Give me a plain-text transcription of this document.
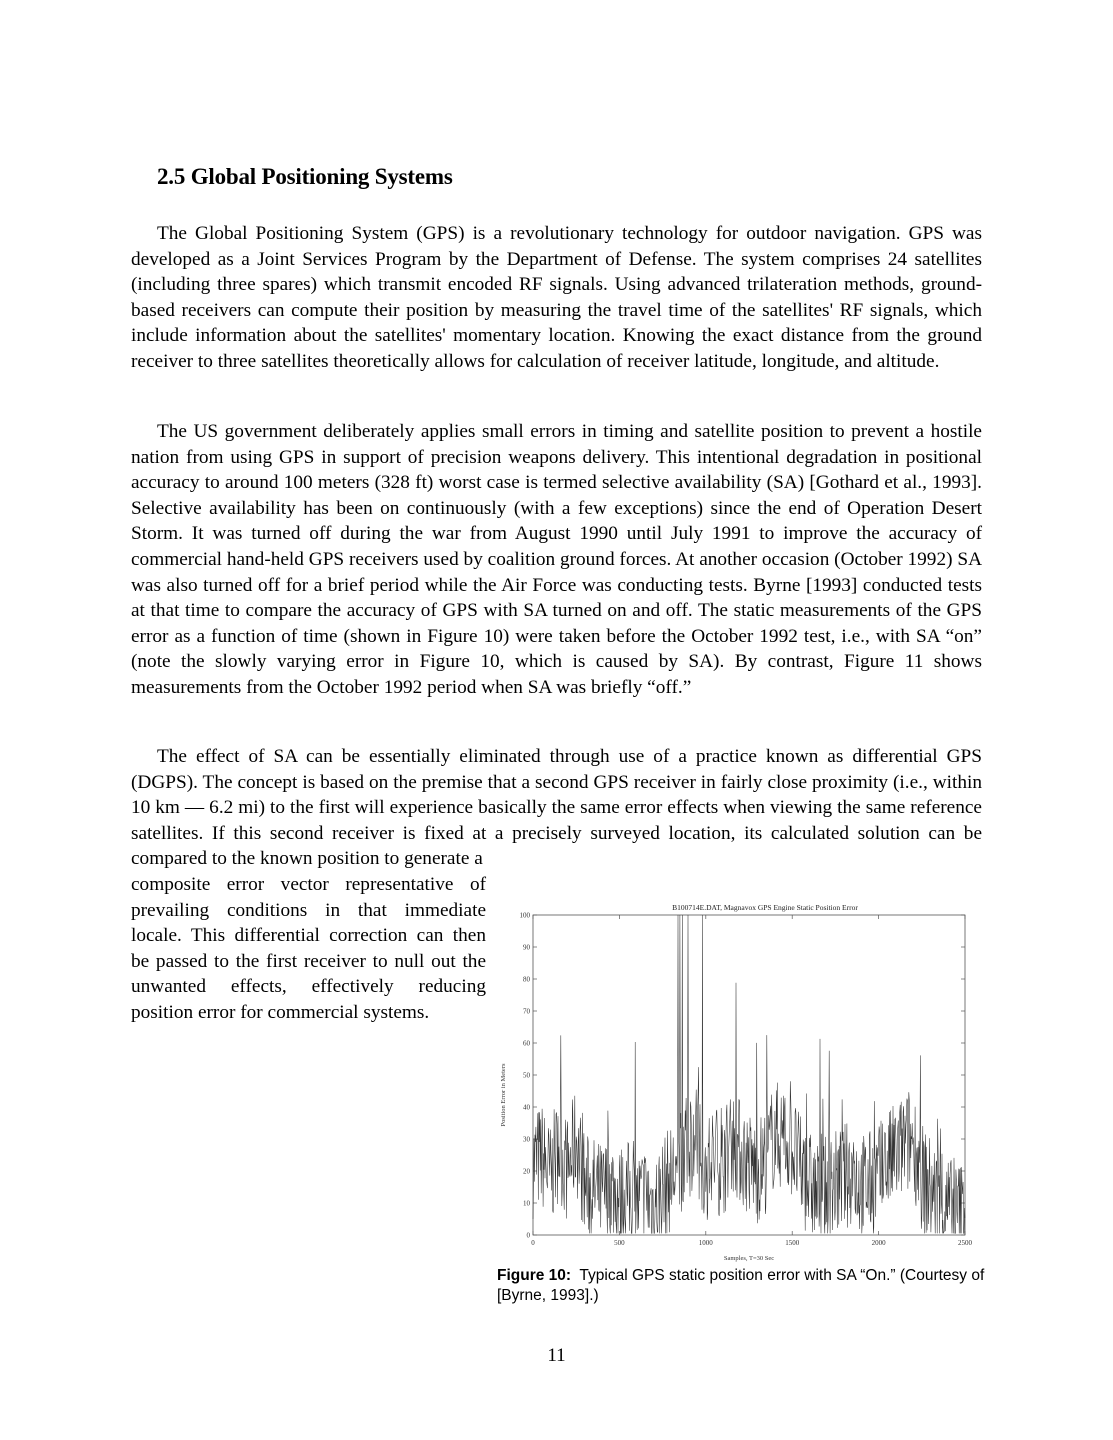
2.5 Global Positioning Systems

The Global Positioning System (GPS) is a revolutionary technology for outdoor navigation. GPS was developed as a Joint Services Program by the Department of Defense. The system comprises 24 satellites (including three spares) which transmit encoded RF signals. Using advanced trilateration methods, ground-based receivers can compute their position by measuring the travel time of the satellites' RF signals, which include information about the satellites' momentary location. Knowing the exact distance from the ground receiver to three satellites theoretically allows for calculation of receiver latitude, longitude, and altitude.

The US government deliberately applies small errors in timing and satellite position to prevent a hostile nation from using GPS in support of precision weapons delivery. This intentional degradation in positional accuracy to around 100 meters (328 ft) worst case is termed selective availability (SA) [Gothard et al., 1993]. Selective availability has been on continuously (with a few exceptions) since the end of Operation Desert Storm. It was turned off during the war from August 1990 until July 1991 to improve the accuracy of commercial hand-held GPS receivers used by coalition ground forces. At another occasion (October 1992) SA was also turned off for a brief period while the Air Force was conducting tests. Byrne [1993] conducted tests at that time to compare the accuracy of GPS with SA turned on and off. The static measurements of the GPS error as a function of time (shown in Figure 10) were taken before the October 1992 test, i.e., with SA “on” (note the slowly varying error in Figure 10, which is caused by SA). By contrast, Figure 11 shows measurements from the October 1992 period when SA was briefly “off.”

The effect of SA can be essentially eliminated through use of a practice known as differential GPS (DGPS). The concept is based on the premise that a second GPS receiver in fairly close proximity (i.e., within 10 km — 6.2 mi) to the first will experience basically the same error effects when viewing the same reference satellites. If this second receiver is fixed at a precisely surveyed location, its calculated solution can be compared to the known position to generate a

composite error vector representative of prevailing conditions in that immediate locale. This differential correction can then be passed to the first receiver to null out the unwanted effects, effectively reducing position error for commercial systems.

B100714E.DAT, Magnavox GPS Engine Static Position Error
0
10
20
30
40
50
60
70
80
90
100
0	500	1000	1500	2000	2500
Samples, T=30 Sec
Position Error in Meters
Figure 10: Typical GPS static position error with SA “On.” (Courtesy of [Byrne, 1993].)
11
